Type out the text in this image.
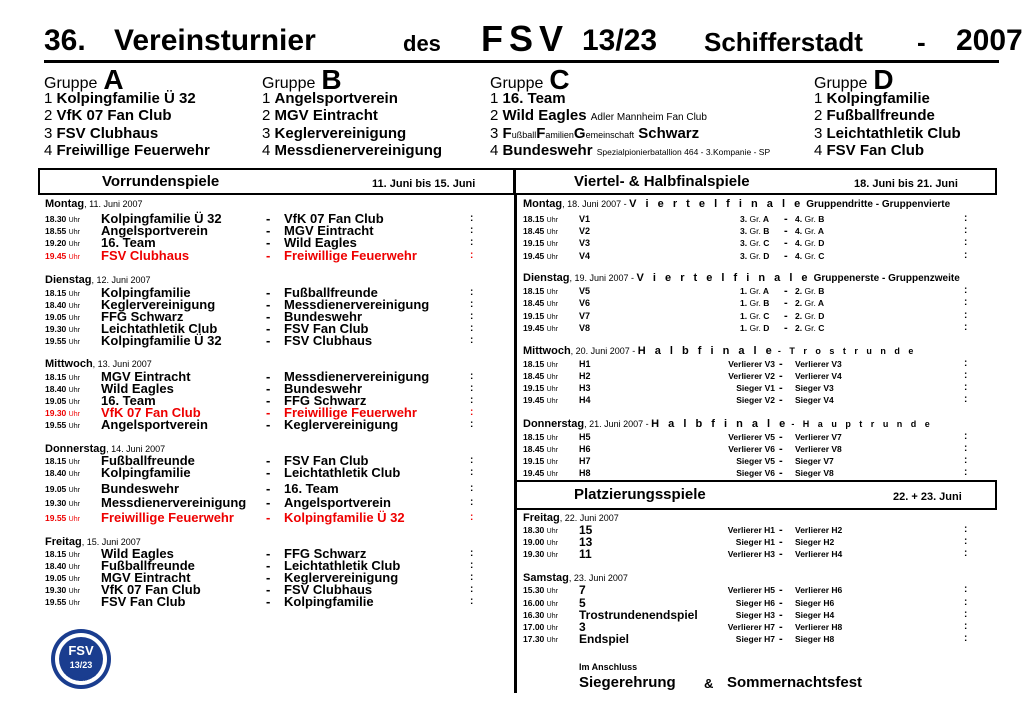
36. Vereinsturnier	des FSV 13/23 Schifferstadt - 2007
Gruppe A
1 Kolpingfamilie Ü 32
2 VfK 07 Fan Club
3 FSV Clubhaus
4 Freiwillige Feuerwehr
Gruppe B
1 Angelsportverein
2 MGV Eintracht
3 Keglervereinigung
4 Messdienervereinigung
Gruppe C
1 16. Team
2 Wild Eagles Adler Mannheim Fan Club
3 FußballFamilienGemeinschaft Schwarz
4 Bundeswehr Spezialpionierbatallion 464 - 3.Kompanie - SP
Gruppe D
1 Kolpingfamilie
2 Fußballfreunde
3 Leichtathletik Club
4 FSV Fan Club
Vorrundenspiele	11. Juni bis 15. Juni	Viertel- & Halbfinalspiele	18. Juni bis 21. Juni
Platzierungsspiele	22. + 23. Juni
Montag, 11. Juni 2007
18.30 Uhr Kolpingfamilie Ü 32	- VfK 07 Fan Club	:
18.55 Uhr Angelsportverein	- MGV Eintracht	:
19.20 Uhr 16. Team	- Wild Eagles	:
19.45 Uhr FSV Clubhaus	- Freiwillige Feuerwehr	:
Dienstag, 12. Juni 2007
18.15 Uhr Kolpingfamilie	- Fußballfreunde	:
18.40 Uhr Keglervereinigung	- Messdienervereinigung	:
19.05 Uhr FFG Schwarz	- Bundeswehr	:
19.30 Uhr Leichtathletik Club	- FSV Fan Club	:
19.55 Uhr Kolpingfamilie Ü 32	- FSV Clubhaus	:
Mittwoch, 13. Juni 2007
18.15 Uhr MGV Eintracht	- Messdienervereinigung	:
18.40 Uhr Wild Eagles	- Bundeswehr	:
19.05 Uhr 16. Team	- FFG Schwarz	:
19.30 Uhr VfK 07 Fan Club	- Freiwillige Feuerwehr	:
19.55 Uhr Angelsportverein	- Keglervereinigung	:
Donnerstag, 14. Juni 2007
18.15 Uhr Fußballfreunde	- FSV Fan Club	:
18.40 Uhr Kolpingfamilie	- Leichtathletik Club	:
19.05 Uhr Bundeswehr	- 16. Team	:
19.30 Uhr Messdienervereinigung - Angelsportverein	:
19.55 Uhr Freiwillige Feuerwehr - Kolpingfamilie Ü 32	:
Freitag, 15. Juni 2007
18.15 Uhr Wild Eagles	- FFG Schwarz	:
18.40 Uhr Fußballfreunde	- Leichtathletik Club	:
19.05 Uhr MGV Eintracht	- Keglervereinigung	:
19.30 Uhr VfK 07 Fan Club	- FSV Clubhaus	:
19.55 Uhr FSV Fan Club	- Kolpingfamilie	:
Montag, 18. Juni 2007 - V i e r t e l f i n a l e Gruppendritte - Gruppenvierte
18.15 Uhr V1	3. Gr. A - 4. Gr. B	:
18.45 Uhr V2	3. Gr. B - 4. Gr. A	:
19.15 Uhr V3	3. Gr. C - 4. Gr. D	:
19.45 Uhr V4	3. Gr. D - 4. Gr. C	:
Dienstag, 19. Juni 2007 - V i e r t e l f i n a l e Gruppenerste - Gruppenzweite
18.15 Uhr V5	1. Gr. A - 2. Gr. B	:
18.45 Uhr V6	1. Gr. B - 2. Gr. A	:
19.15 Uhr V7	1. Gr. C - 2. Gr. D	:
19.45 Uhr V8	1. Gr. D - 2. Gr. C	:
Mittwoch, 20. Juni 2007 - H a l b f i n a l e - T r o s t r u n d e
18.15 Uhr H1	Verlierer V3 - Verlierer V3	:
18.45 Uhr H2	Verlierer V2 - Verlierer V4	:
19.15 Uhr H3	Sieger V1 - Sieger V3	:
19.45 Uhr H4	Sieger V2 - Sieger V4	:
Donnerstag, 21. Juni 2007 - H a l b f i n a l e - H a u p t r u n d e
18.15 Uhr H5	Verlierer V5 - Verlierer V7	:
18.45 Uhr H6	Verlierer V6 - Verlierer V8	:
19.15 Uhr H7	Sieger V5 - Sieger V7	:
19.45 Uhr H8	Sieger V6 - Sieger V8	:
Freitag, 22. Juni 2007
18.30 Uhr 15	Verlierer H1 - Verlierer H2	:
19.00 Uhr 13	Sieger H1 - Sieger H2	:
19.30 Uhr 11	Verlierer H3 - Verlierer H4	:
Samstag, 23. Juni 2007
15.30 Uhr 7	Verlierer H5 - Verlierer H6	:
16.00 Uhr 5	Sieger H6 - Sieger H6	:
16.30 Uhr Trostrundenendspiel	Sieger H3 - Sieger H4	:
17.00 Uhr 3	Verlierer H7 - Verlierer H8	:
17.30 Uhr Endspiel	Sieger H7 - Sieger H8	:
Im Anschluss
Siegerehrung & Sommernachtsfest
FSV
13/23
SCHIFFERSTADT
